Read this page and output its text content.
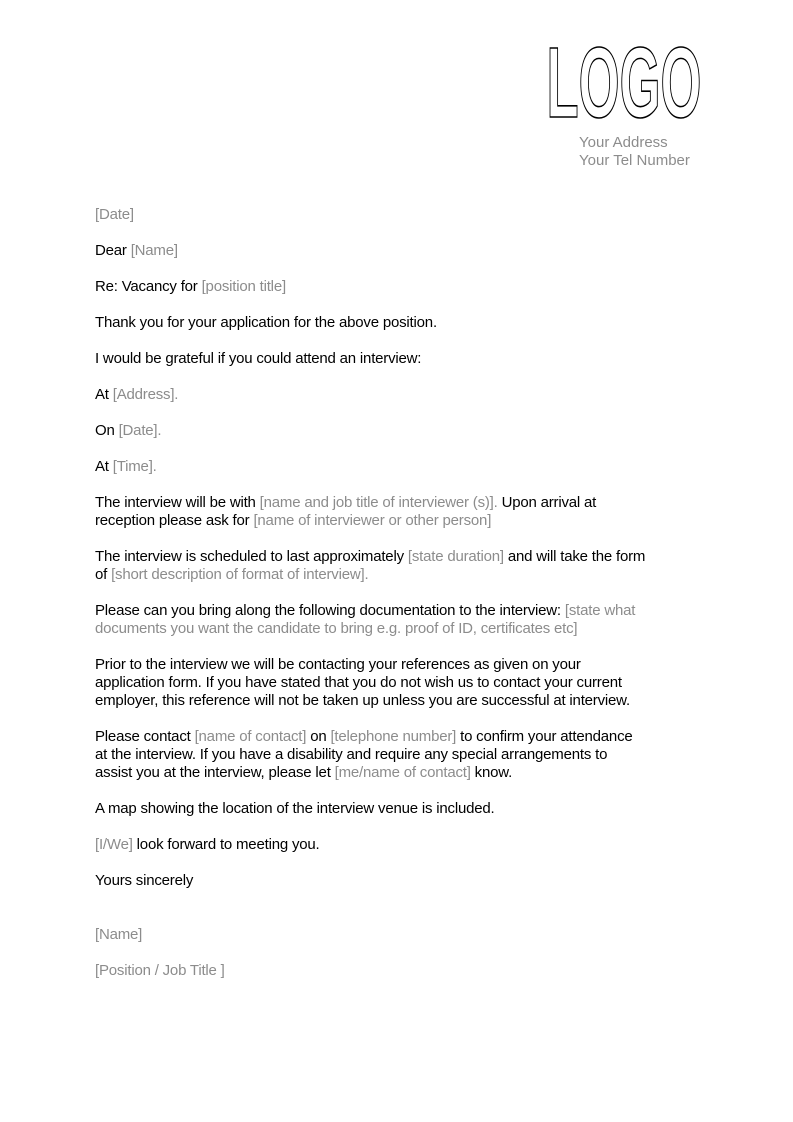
LOGO
Your Address
Your Tel Number

[Date]

Dear [Name]

Re: Vacancy for [position title]

Thank you for your application for the above position.

I would be grateful if you could attend an interview:

At [Address].

On [Date].

At [Time].

The interview will be with [name and job title of interviewer (s)]. Upon arrival at
reception please ask for [name of interviewer or other person]

The interview is scheduled to last approximately [state duration] and will take the form
of [short description of format of interview].

Please can you bring along the following documentation to the interview: [state what
documents you want the candidate to bring e.g. proof of ID, certificates etc]

Prior to the interview we will be contacting your references as given on your
application form. If you have stated that you do not wish us to contact your current
employer, this reference will not be taken up unless you are successful at interview.

Please contact [name of contact] on [telephone number] to confirm your attendance
at the interview. If you have a disability and require any special arrangements to
assist you at the interview, please let [me/name of contact] know.

A map showing the location of the interview venue is included.

[I/We] look forward to meeting you.

Yours sincerely

[Name]

[Position / Job Title ]
